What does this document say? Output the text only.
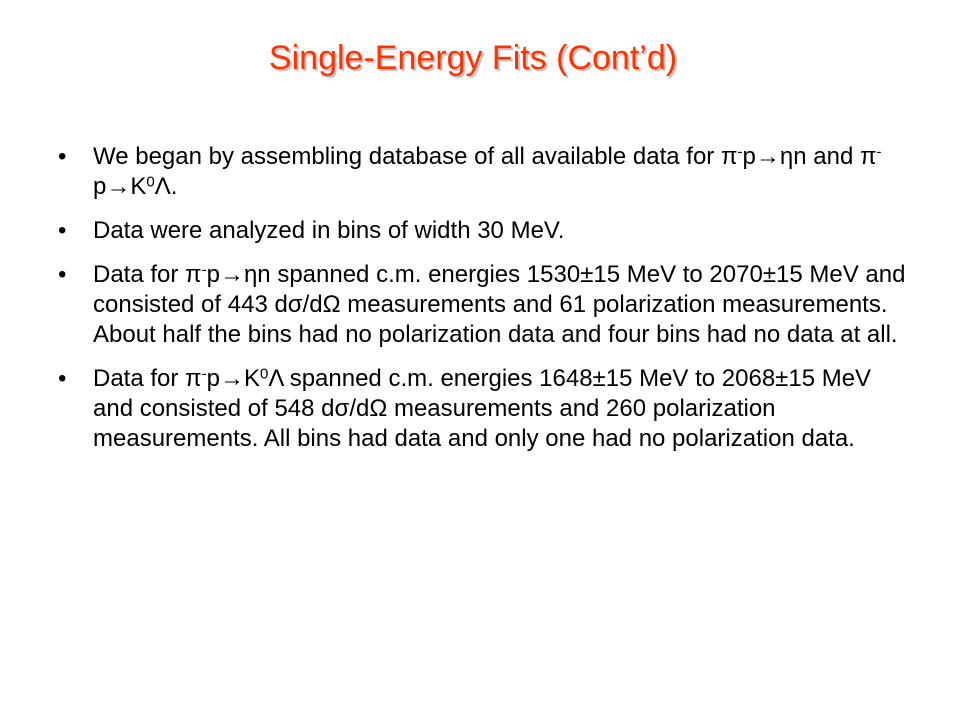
Single-Energy Fits (Cont’d)
• We began by assembling database of all available data for π-p→ηn and $\pi^-p\to K^0\Lambda$.
• Data were analyzed in bins of width 30 MeV.
• Data for π-p→ηn spanned c.m. energies 1530±15 MeV to 2070±15 MeV and consisted of 443 dσ/dΩ measurements and 61 polarization measurements. About half the bins had no polarization data and four bins had no data at all.
• Data for $\pi^-p\to K^0\Lambda$ spanned c.m. energies 1648±15 MeV to 2068±15 MeV and consisted of 548 dσ/dΩ measurements and 260 polarization measurements. All bins had data and only one had no polarization data.
